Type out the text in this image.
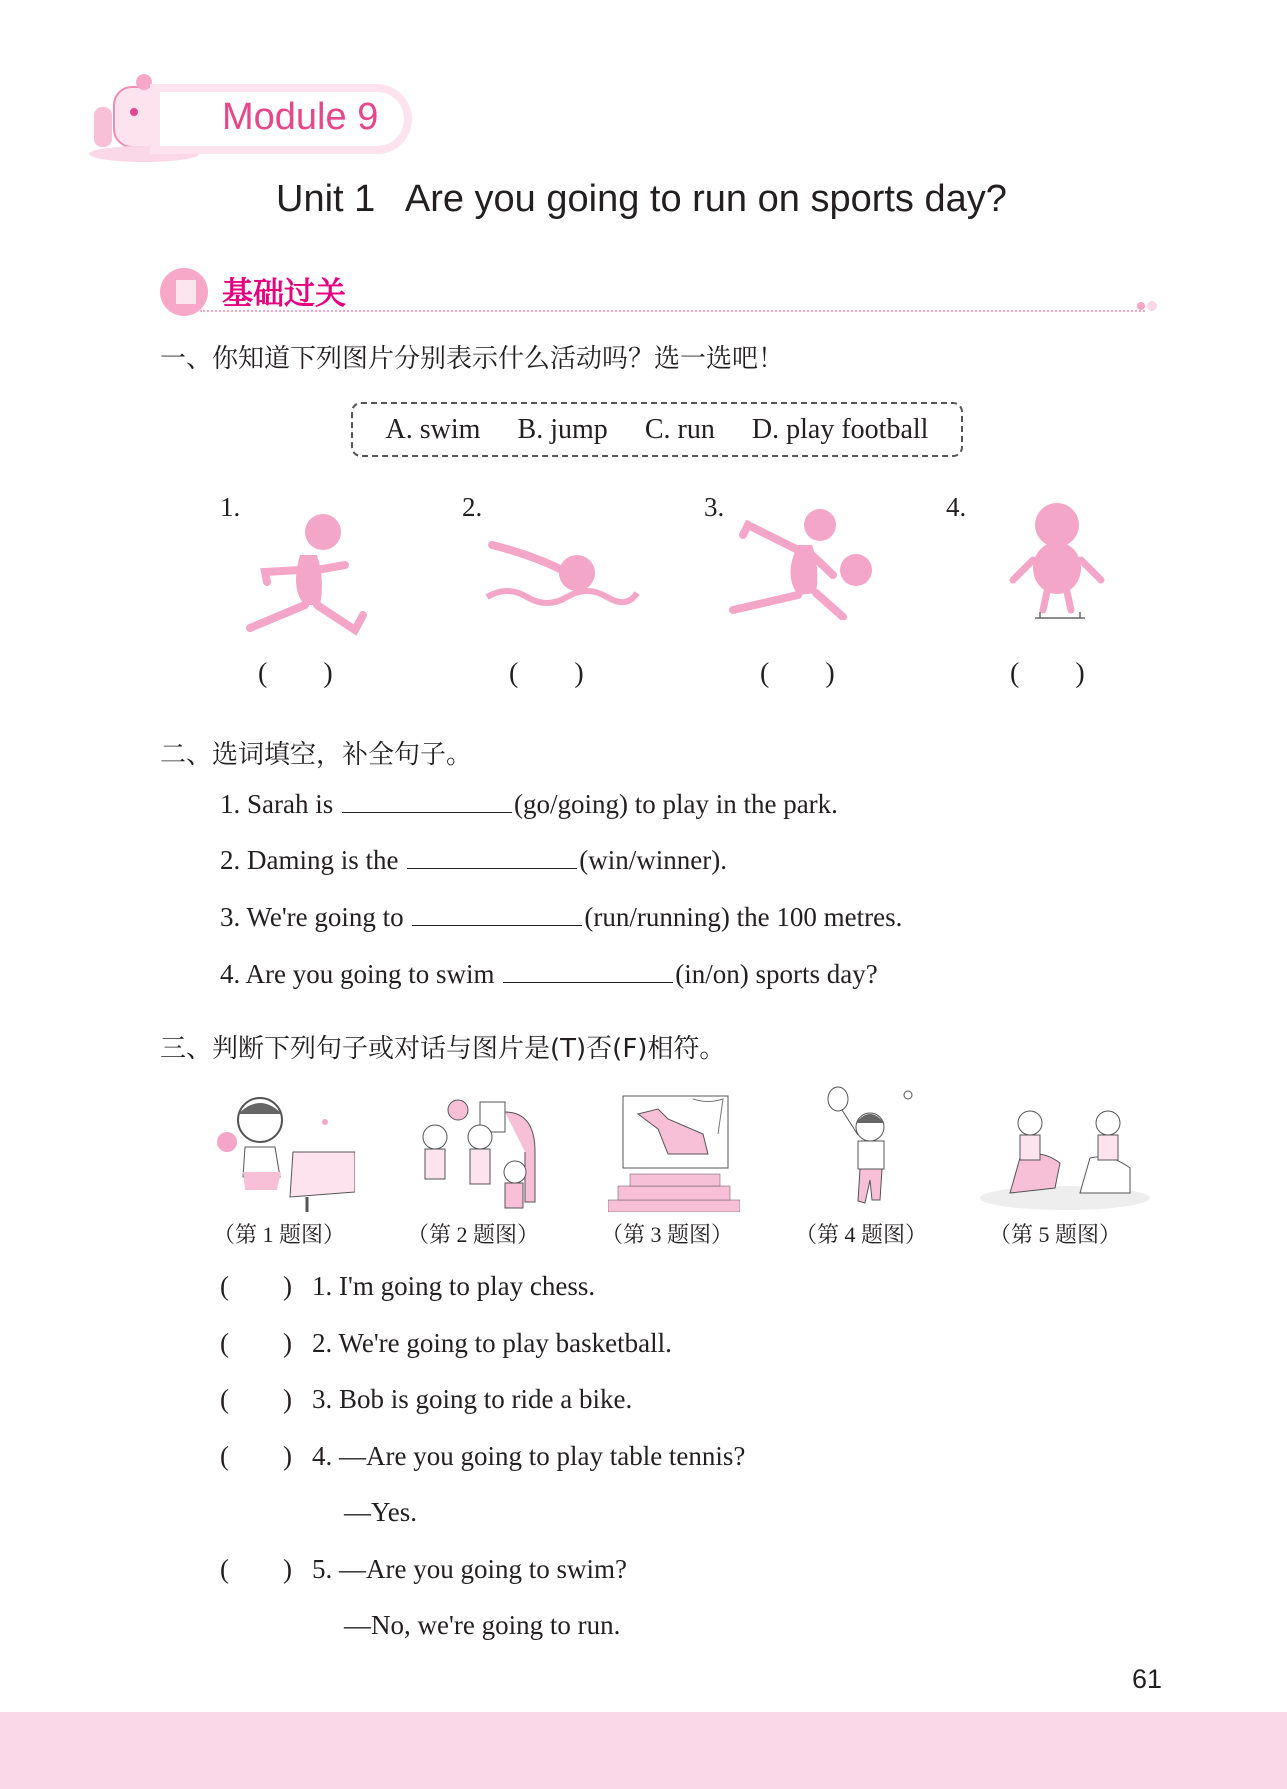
Module 9
Unit 1   Are you going to run on sports day?
基础过关
一、你知道下列图片分别表示什么活动吗？选一选吧！
A. swim B. jump C. run D. play football
1.	2.	3.	4.
(        )	(        )	(        )	(        )
二、选词填空，补全句子。
1. Sarah is	(go/going) to play in the park.
2. Daming is the	(win/winner).
3. We're going to	(run/running) the 100 metres.
4. Are you going to swim	(in/on) sports day?
三、判断下列句子或对话与图片是(T)否(F)相符。
（第 1 题图）	（第 2 题图）	（第 3 题图）	（第 4 题图）	（第 5 题图）
(        ) 1. I'm going to play chess.
(        ) 2. We're going to play basketball.
(        ) 3. Bob is going to ride a bike.
(        ) 4. —Are you going to play table tennis?
—Yes.
(        ) 5. —Are you going to swim?
—No, we're going to run.
61
